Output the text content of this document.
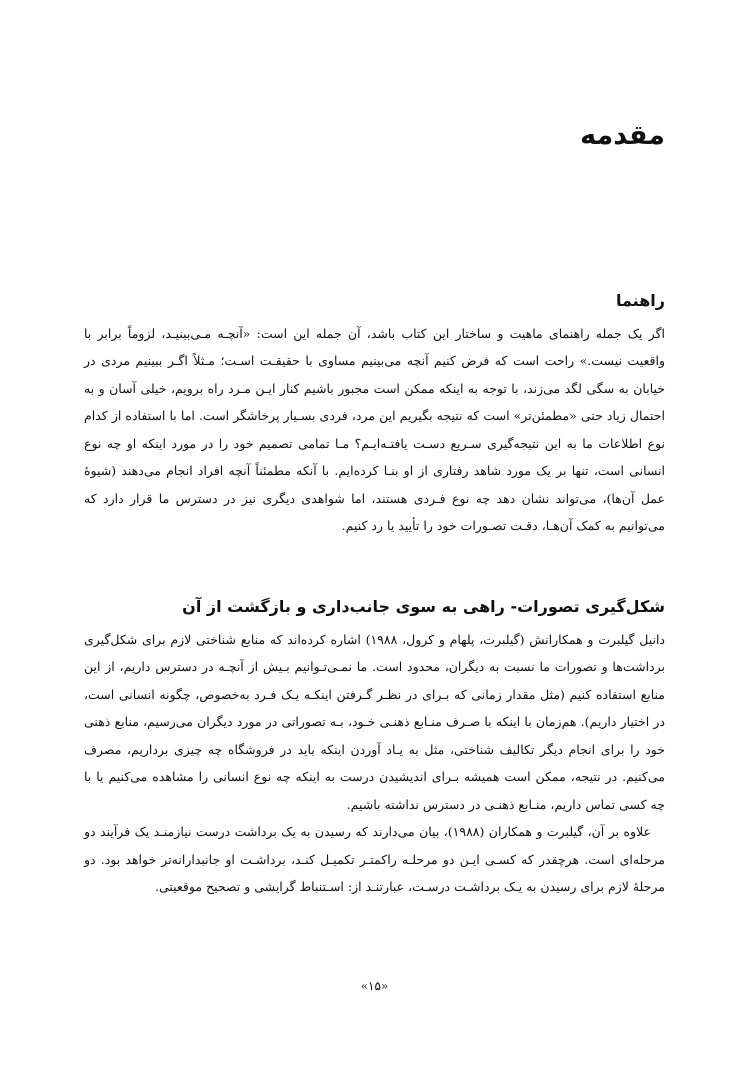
مقدمه
راهنما

اگر یک جمله راهنمای ماهیت و ساختار این کتاب باشد، آن جمله این است: «آنچـه مـی‌بینیـد، لزوماً برابر با واقعیت نیست.» راحت است که فرض کنیم آنچه می‌بینیم مساوی با حقیقـت اسـت؛ مـثلاً اگـر ببینیم مردی در خیابان به سگی لگد می‌زند، با توجه به اینکه ممکن است مجبور باشیم کنار ایـن مـرد راه برویم، خیلی آسان و به احتمال زیاد حتی «مطمئن‌تر» است که نتیجه بگیریم این مرد، فردی بسـیار پرخاشگر است. اما با استفاده از کدام نوع اطلاعات ما به این نتیجه‌گیری سـریع دسـت یافتـه‌ایـم؟ مـا تمامی تصمیم خود را در مورد اینکه او چه نوع انسانی است، تنها بر یک مورد شاهد رفتاری از او بنـا کرده‌ایم. با آنکه مطمئناً آنچه افراد انجام می‌دهند (شیوهٔ عمل آن‌ها)، می‌تواند نشان دهد چه نوع فـردی هستند، اما شواهدی دیگری نیز در دسترس ما قرار دارد که می‌توانیم به کمک آن‌هـا، دقـت تصـورات خود را تأیید یا رد کنیم.

شکل‌گیری تصورات- راهی به سوی جانب‌داری و بازگشت از آن

دانیل گیلبرت و همکارانش (گیلبرت، پلهام و کرول، ۱۹۸۸) اشاره کرده‌اند که منابع شناختی لازم برای شکل‌گیری برداشت‌ها و تصورات ما نسبت به دیگران، محدود است. ما نمـی‌تـوانیم بـیش از آنچـه در دسترس داریم، از این منابع استفاده کنیم (مثل مقدار زمانی که بـرای در نظـر گـرفتن اینکـه یـک فـرد به‌خصوص، چگونه انسانی است، در اختیار داریم). هم‌زمان با اینکه با صـرف منـابع ذهنـی خـود، بـه تصوراتی در مورد دیگران می‌رسیم، منابع ذهنی خود را برای انجام دیگر تکالیف شناختی، مثل به یـاد آوردن اینکه باید در فروشگاه چه چیزی برداریم، مصرف می‌کنیم. در نتیجه، ممکن است همیشه بـرای اندیشیدن درست به اینکه چه نوع انسانی را مشاهده می‌کنیم یا با چه کسی تماس داریم، منـابع ذهنـی در دسترس نداشته باشیم.

علاوه بر آن، گیلبرت و همکاران (۱۹۸۸)، بیان می‌دارند که رسیدن به یک برداشت درست نیازمنـد یک فرآیند دو مرحله‌ای است. هرچقدر که کسـی ایـن دو مرحلـه راکمتـر تکمیـل کنـد، برداشـت او جانبدارانه‌تر خواهد بود. دو مرحلهٔ لازم برای رسیدن به یـک برداشـت درسـت، عبارتنـد از: اسـتنباط گرایشی و تصحیح موقعیتی.

«۱۵»
